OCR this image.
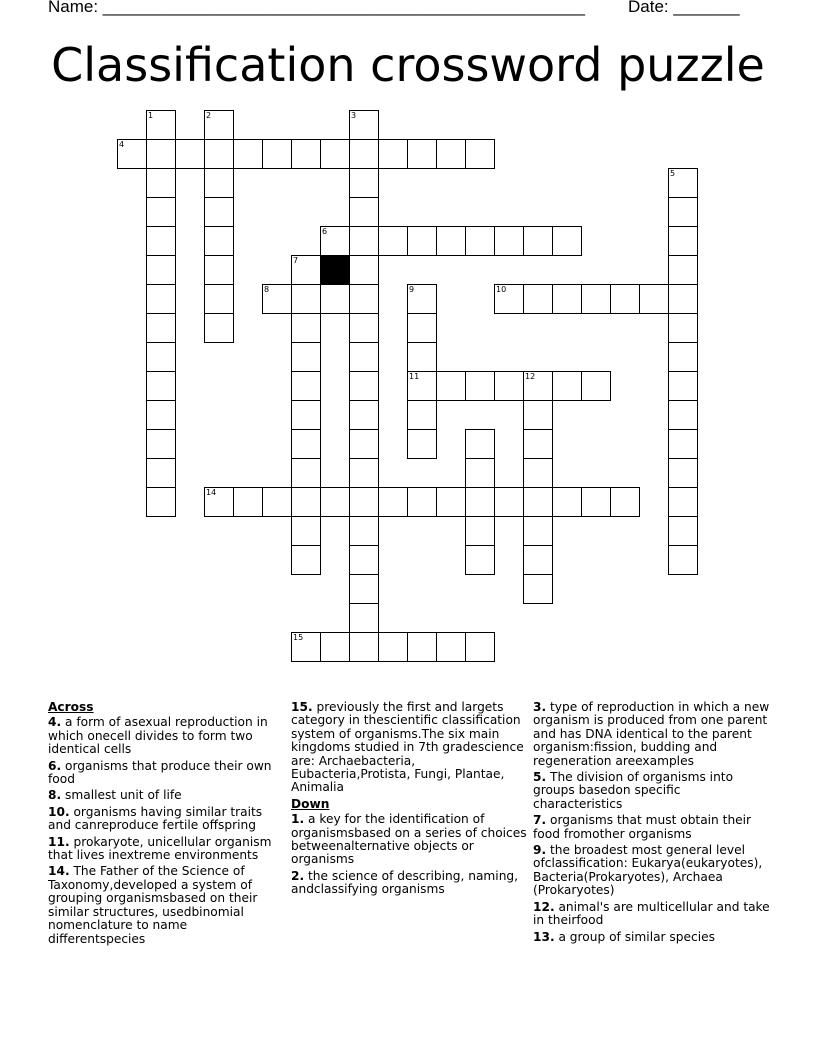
Name: ___________________________________________________	Date: _______
Classification crossword puzzle
1	2	3
4
5
6
7
8	9	10
11	12
14
15
Across
4. a form of asexual reproduction in which onecell divides to form two identical cells
6. organisms that produce their own food
8. smallest unit of life
10. organisms having similar traits and canreproduce fertile offspring
11. prokaryote, unicellular organism that lives inextreme environments
14. The Father of the Science of Taxonomy,developed a system of grouping organismsbased on their similar structures, usedbinomial nomenclature to name differentspecies
15. previously the first and largets category in thescientific classification system of organisms.The six main kingdoms studied in 7th gradescience are: Archaebacteria, Eubacteria,Protista, Fungi, Plantae, Animalia
Down
1. a key for the identification of organismsbased on a series of choices betweenalternative objects or organisms
2. the science of describing, naming, andclassifying organisms
3. type of reproduction in which a new organism is produced from one parent and has DNA identical to the parent organism:fission, budding and regeneration areexamples
5. The division of organisms into groups basedon specific characteristics
7. organisms that must obtain their food fromother organisms
9. the broadest most general level ofclassification: Eukarya(eukaryotes), Bacteria(Prokaryotes), Archaea (Prokaryotes)
12. animal's are multicellular and take in theirfood
13. a group of similar species
